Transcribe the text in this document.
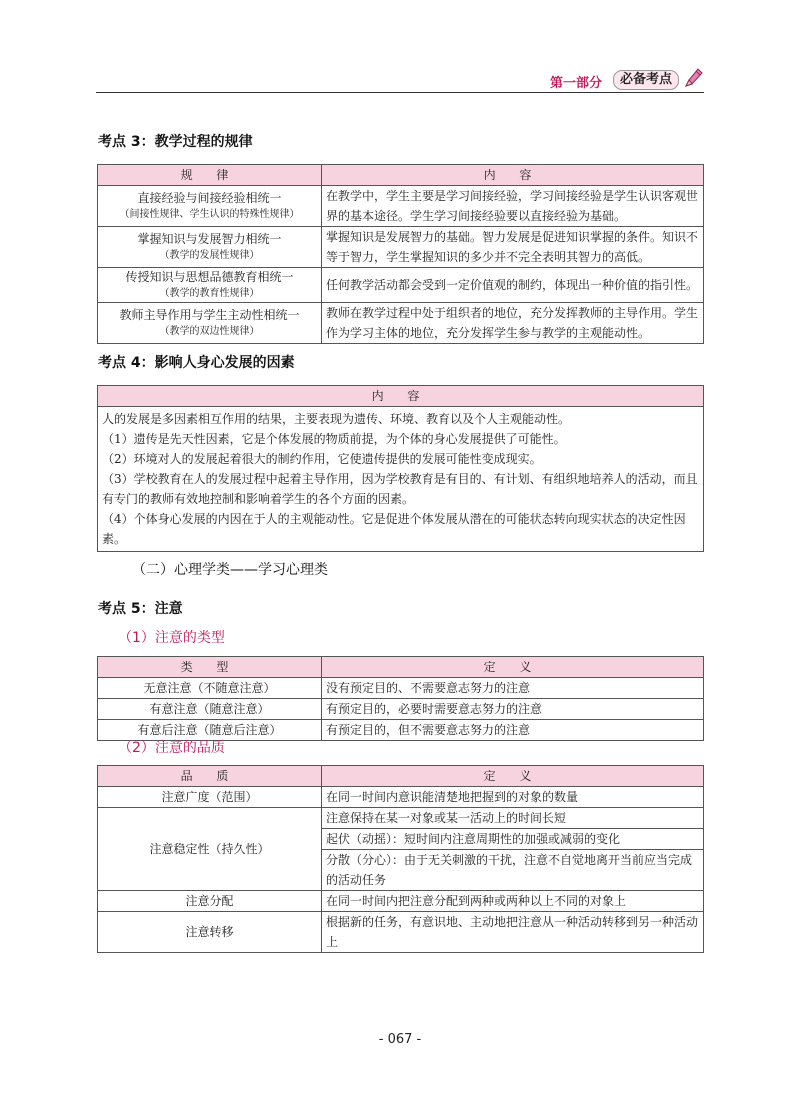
第一部分	必备考点
考点 3：教学过程的规律
规 律	内 容
直接经验与间接经验相统一
（间接性规律、学生认识的特殊性规律）	在教学中，学生主要是学习间接经验，学习间接经验是学生认识客观世界的基本途径。学生学习间接经验要以直接经验为基础。
掌握知识与发展智力相统一
（教学的发展性规律）	掌握知识是发展智力的基础。智力发展是促进知识掌握的条件。知识不等于智力，学生掌握知识的多少并不完全表明其智力的高低。
传授知识与思想品德教育相统一
（教学的教育性规律）	任何教学活动都会受到一定价值观的制约，体现出一种价值的指引性。
教师主导作用与学生主动性相统一
（教学的双边性规律）	教师在教学过程中处于组织者的地位，充分发挥教师的主导作用。学生作为学习主体的地位，充分发挥学生参与教学的主观能动性。
考点 4：影响人身心发展的因素
内 容

人的发展是多因素相互作用的结果，主要表现为遗传、环境、教育以及个人主观能动性。
（1）遗传是先天性因素，它是个体发展的物质前提，为个体的身心发展提供了可能性。
（2）环境对人的发展起着很大的制约作用，它使遗传提供的发展可能性变成现实。
（3）学校教育在人的发展过程中起着主导作用，因为学校教育是有目的、有计划、有组织地培养人的活动，而且有专门的教师有效地控制和影响着学生的各个方面的因素。
（4）个体身心发展的内因在于人的主观能动性。它是促进个体发展从潜在的可能状态转向现实状态的决定性因素。
（二）心理学类——学习心理类
考点 5：注意
（1）注意的类型
类 型	定 义
无意注意（不随意注意）	没有预定目的、不需要意志努力的注意
有意注意（随意注意）	有预定目的，必要时需要意志努力的注意
有意后注意（随意后注意）	有预定目的，但不需要意志努力的注意
（2）注意的品质
品 质	定 义
注意广度（范围）	在同一时间内意识能清楚地把握到的对象的数量
注意稳定性（持久性）	注意保持在某一对象或某一活动上的时间长短
	起伏（动摇）：短时间内注意周期性的加强或减弱的变化
	分散（分心）：由于无关刺激的干扰，注意不自觉地离开当前应当完成的活动任务
注意分配	在同一时间内把注意分配到两种或两种以上不同的对象上
注意转移	根据新的任务，有意识地、主动地把注意从一种活动转移到另一种活动上
- 067 -
